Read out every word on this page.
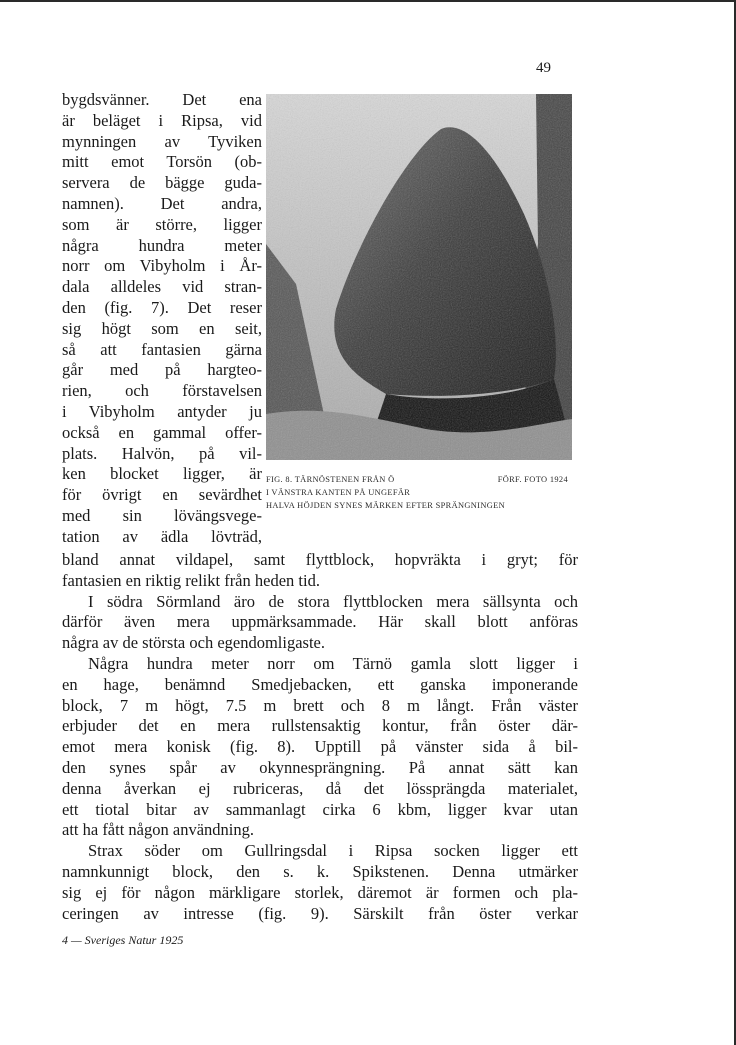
49
bygdsvänner. Det ena
är beläget i Ripsa, vid
mynningen av Tyviken
mitt emot Torsön (ob-
servera de bägge guda-
namnen). Det andra,
som är större, ligger
några hundra meter
norr om Vibyholm i År-
dala alldeles vid stran-
den (fig. 7). Det reser
sig högt som en seit,
så att fantasien gärna
går med på hargteo-
rien, och förstavelsen
i Vibyholm antyder ju
också en gammal offer-
plats. Halvön, på vil-
ken blocket ligger, är
för övrigt en sevärdhet
med sin lövängsvege-
tation av ädla lövträd,
FIG. 8. TÄRNÖSTENEN FRÅN Ö	FÖRF. FOTO 1924
I VÄNSTRA KANTEN PÅ UNGEFÄR
HALVA HÖJDEN SYNES MÄRKEN EFTER SPRÄNGNINGEN
bland annat vildapel, samt flyttblock, hopvräkta i gryt; för
fantasien en riktig relikt från heden tid.
I södra Sörmland äro de stora flyttblocken mera sällsynta och
därför även mera uppmärksammade. Här skall blott anföras
några av de största och egendomligaste.
Några hundra meter norr om Tärnö gamla slott ligger i
en hage, benämnd Smedjebacken, ett ganska imponerande
block, 7 m högt, 7.5 m brett och 8 m långt. Från väster
erbjuder det en mera rullstensaktig kontur, från öster där-
emot mera konisk (fig. 8). Upptill på vänster sida å bil-
den synes spår av okynnesprängning. På annat sätt kan
denna åverkan ej rubriceras, då det lössprängda materialet,
ett tiotal bitar av sammanlagt cirka 6 kbm, ligger kvar utan
att ha fått någon användning.
Strax söder om Gullringsdal i Ripsa socken ligger ett
namnkunnigt block, den s. k. Spikstenen. Denna utmärker
sig ej för någon märkligare storlek, däremot är formen och pla-
ceringen av intresse (fig. 9). Särskilt från öster verkar
4 — Sveriges Natur 1925
